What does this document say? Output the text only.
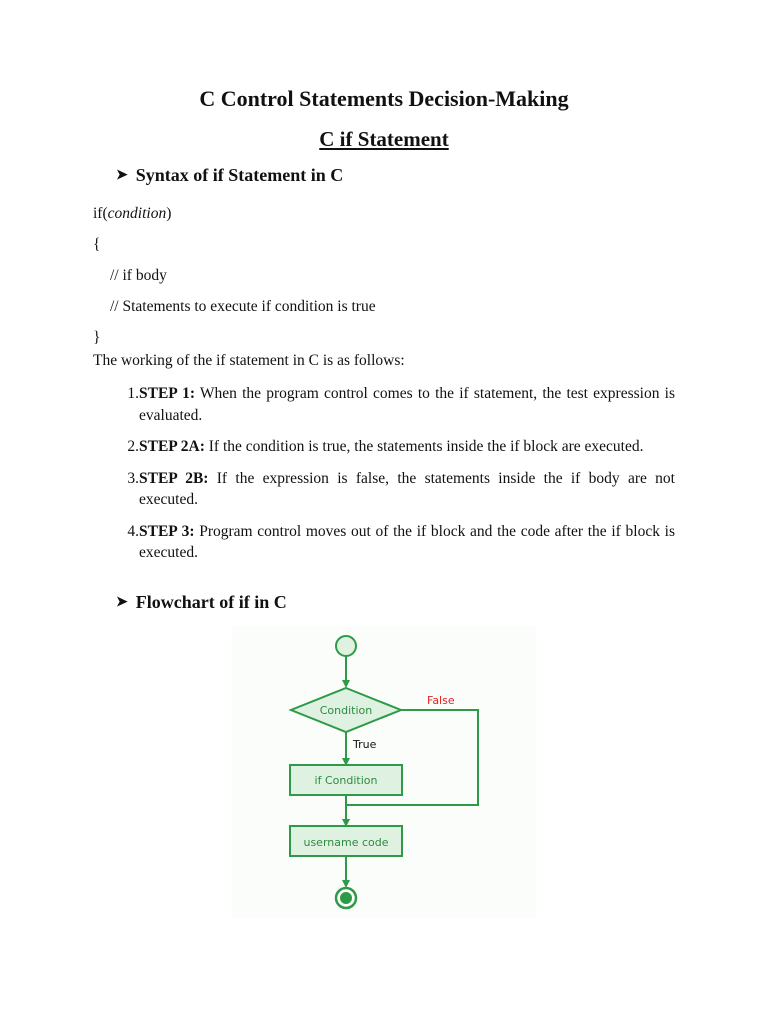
C Control Statements Decision-Making
C if Statement
➤ Syntax of if Statement in C
if(condition)
{
// if body
// Statements to execute if condition is true
}
The working of the if statement in C is as follows:
1. STEP 1: When the program control comes to the if statement, the test expression is evaluated.
2. STEP 2A: If the condition is true, the statements inside the if block are executed.
3. STEP 2B: If the expression is false, the statements inside the if body are not executed.
4. STEP 3: Program control moves out of the if block and the code after the if block is executed.
➤ Flowchart of if in C
Condition
False
True
if Condition
username code
